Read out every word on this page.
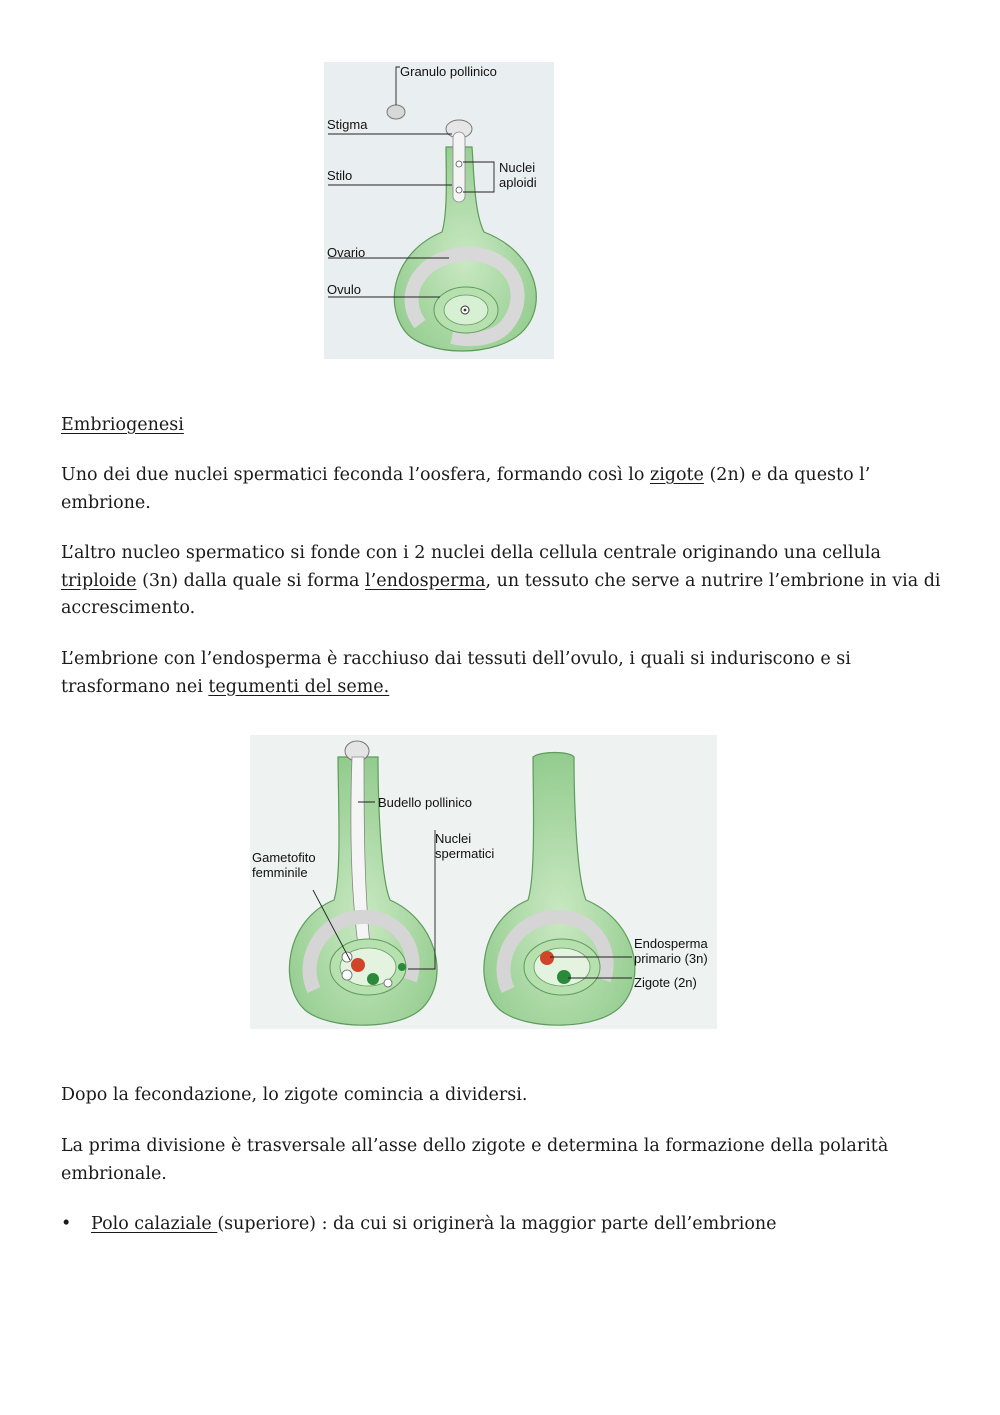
Granulo pollinico
Stigma
Stilo
Nuclei
aploidi
Ovario
Ovulo

Embriogenesi

Uno dei due nuclei spermatici feconda l’oosfera, formando così lo zigote (2n) e da questo l’ embrione.

L’altro nucleo spermatico si fonde con i 2 nuclei della cellula centrale originando una cellula triploide (3n) dalla quale si forma l’endosperma, un tessuto che serve a nutrire l’embrione in via di accrescimento.

L’embrione con l’endosperma è racchiuso dai tessuti dell’ovulo, i quali si induriscono e si trasformano nei tegumenti del seme.

Budello pollinico
Nuclei
spermatici
Gametofito
femminile
Endosperma
primario (3n)
Zigote (2n)

Dopo la fecondazione, lo zigote comincia a dividersi.

La prima divisione è trasversale all’asse dello zigote e determina la formazione della polarità embrionale.

• Polo calaziale (superiore) : da cui si originerà la maggior parte dell’embrione
